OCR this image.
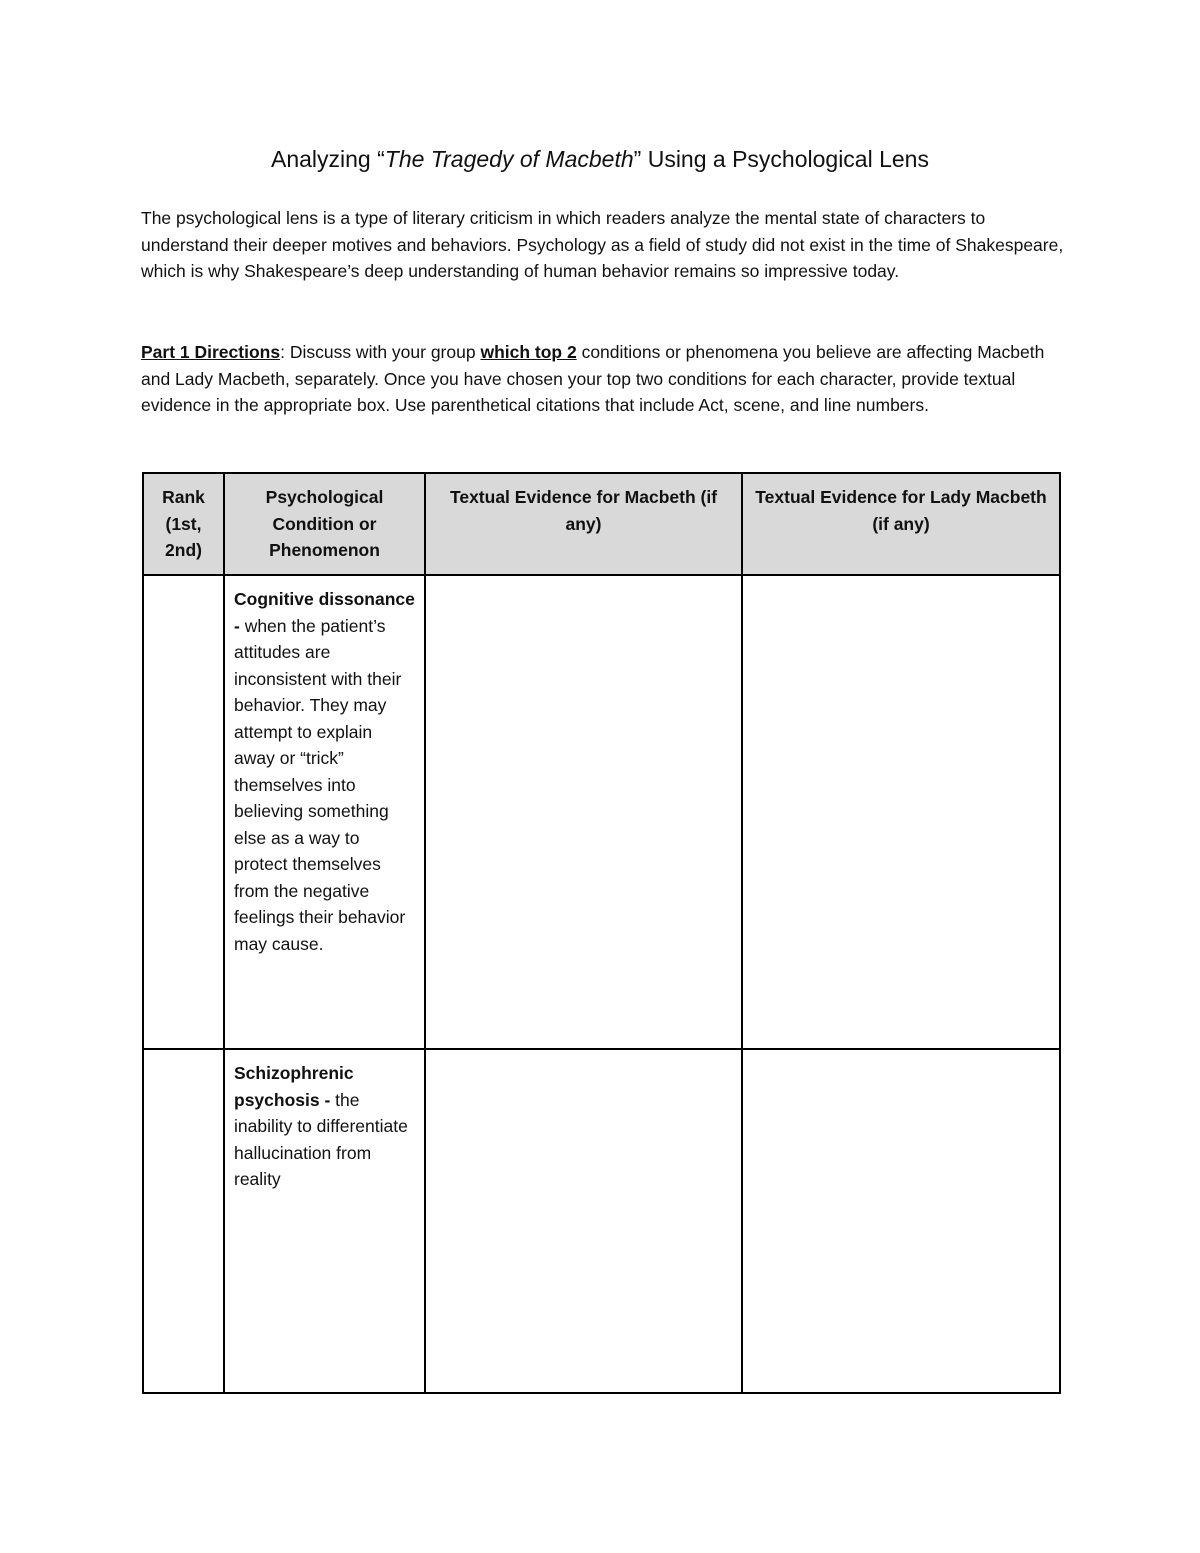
Analyzing “The Tragedy of Macbeth” Using a Psychological Lens
The psychological lens is a type of literary criticism in which readers analyze the mental state of characters to understand their deeper motives and behaviors. Psychology as a field of study did not exist in the time of Shakespeare, which is why Shakespeare’s deep understanding of human behavior remains so impressive today.
Part 1 Directions: Discuss with your group which top 2 conditions or phenomena you believe are affecting Macbeth and Lady Macbeth, separately. Once you have chosen your top two conditions for each character, provide textual evidence in the appropriate box. Use parenthetical citations that include Act, scene, and line numbers.
Rank (1st, 2nd)	Psychological Condition or Phenomenon	Textual Evidence for Macbeth (if any)	Textual Evidence for Lady Macbeth (if any)
	Cognitive dissonance - when the patient’s attitudes are inconsistent with their behavior. They may attempt to explain away or “trick” themselves into believing something else as a way to protect themselves from the negative feelings their behavior may cause.		
	Schizophrenic psychosis - the inability to differentiate hallucination from reality		
